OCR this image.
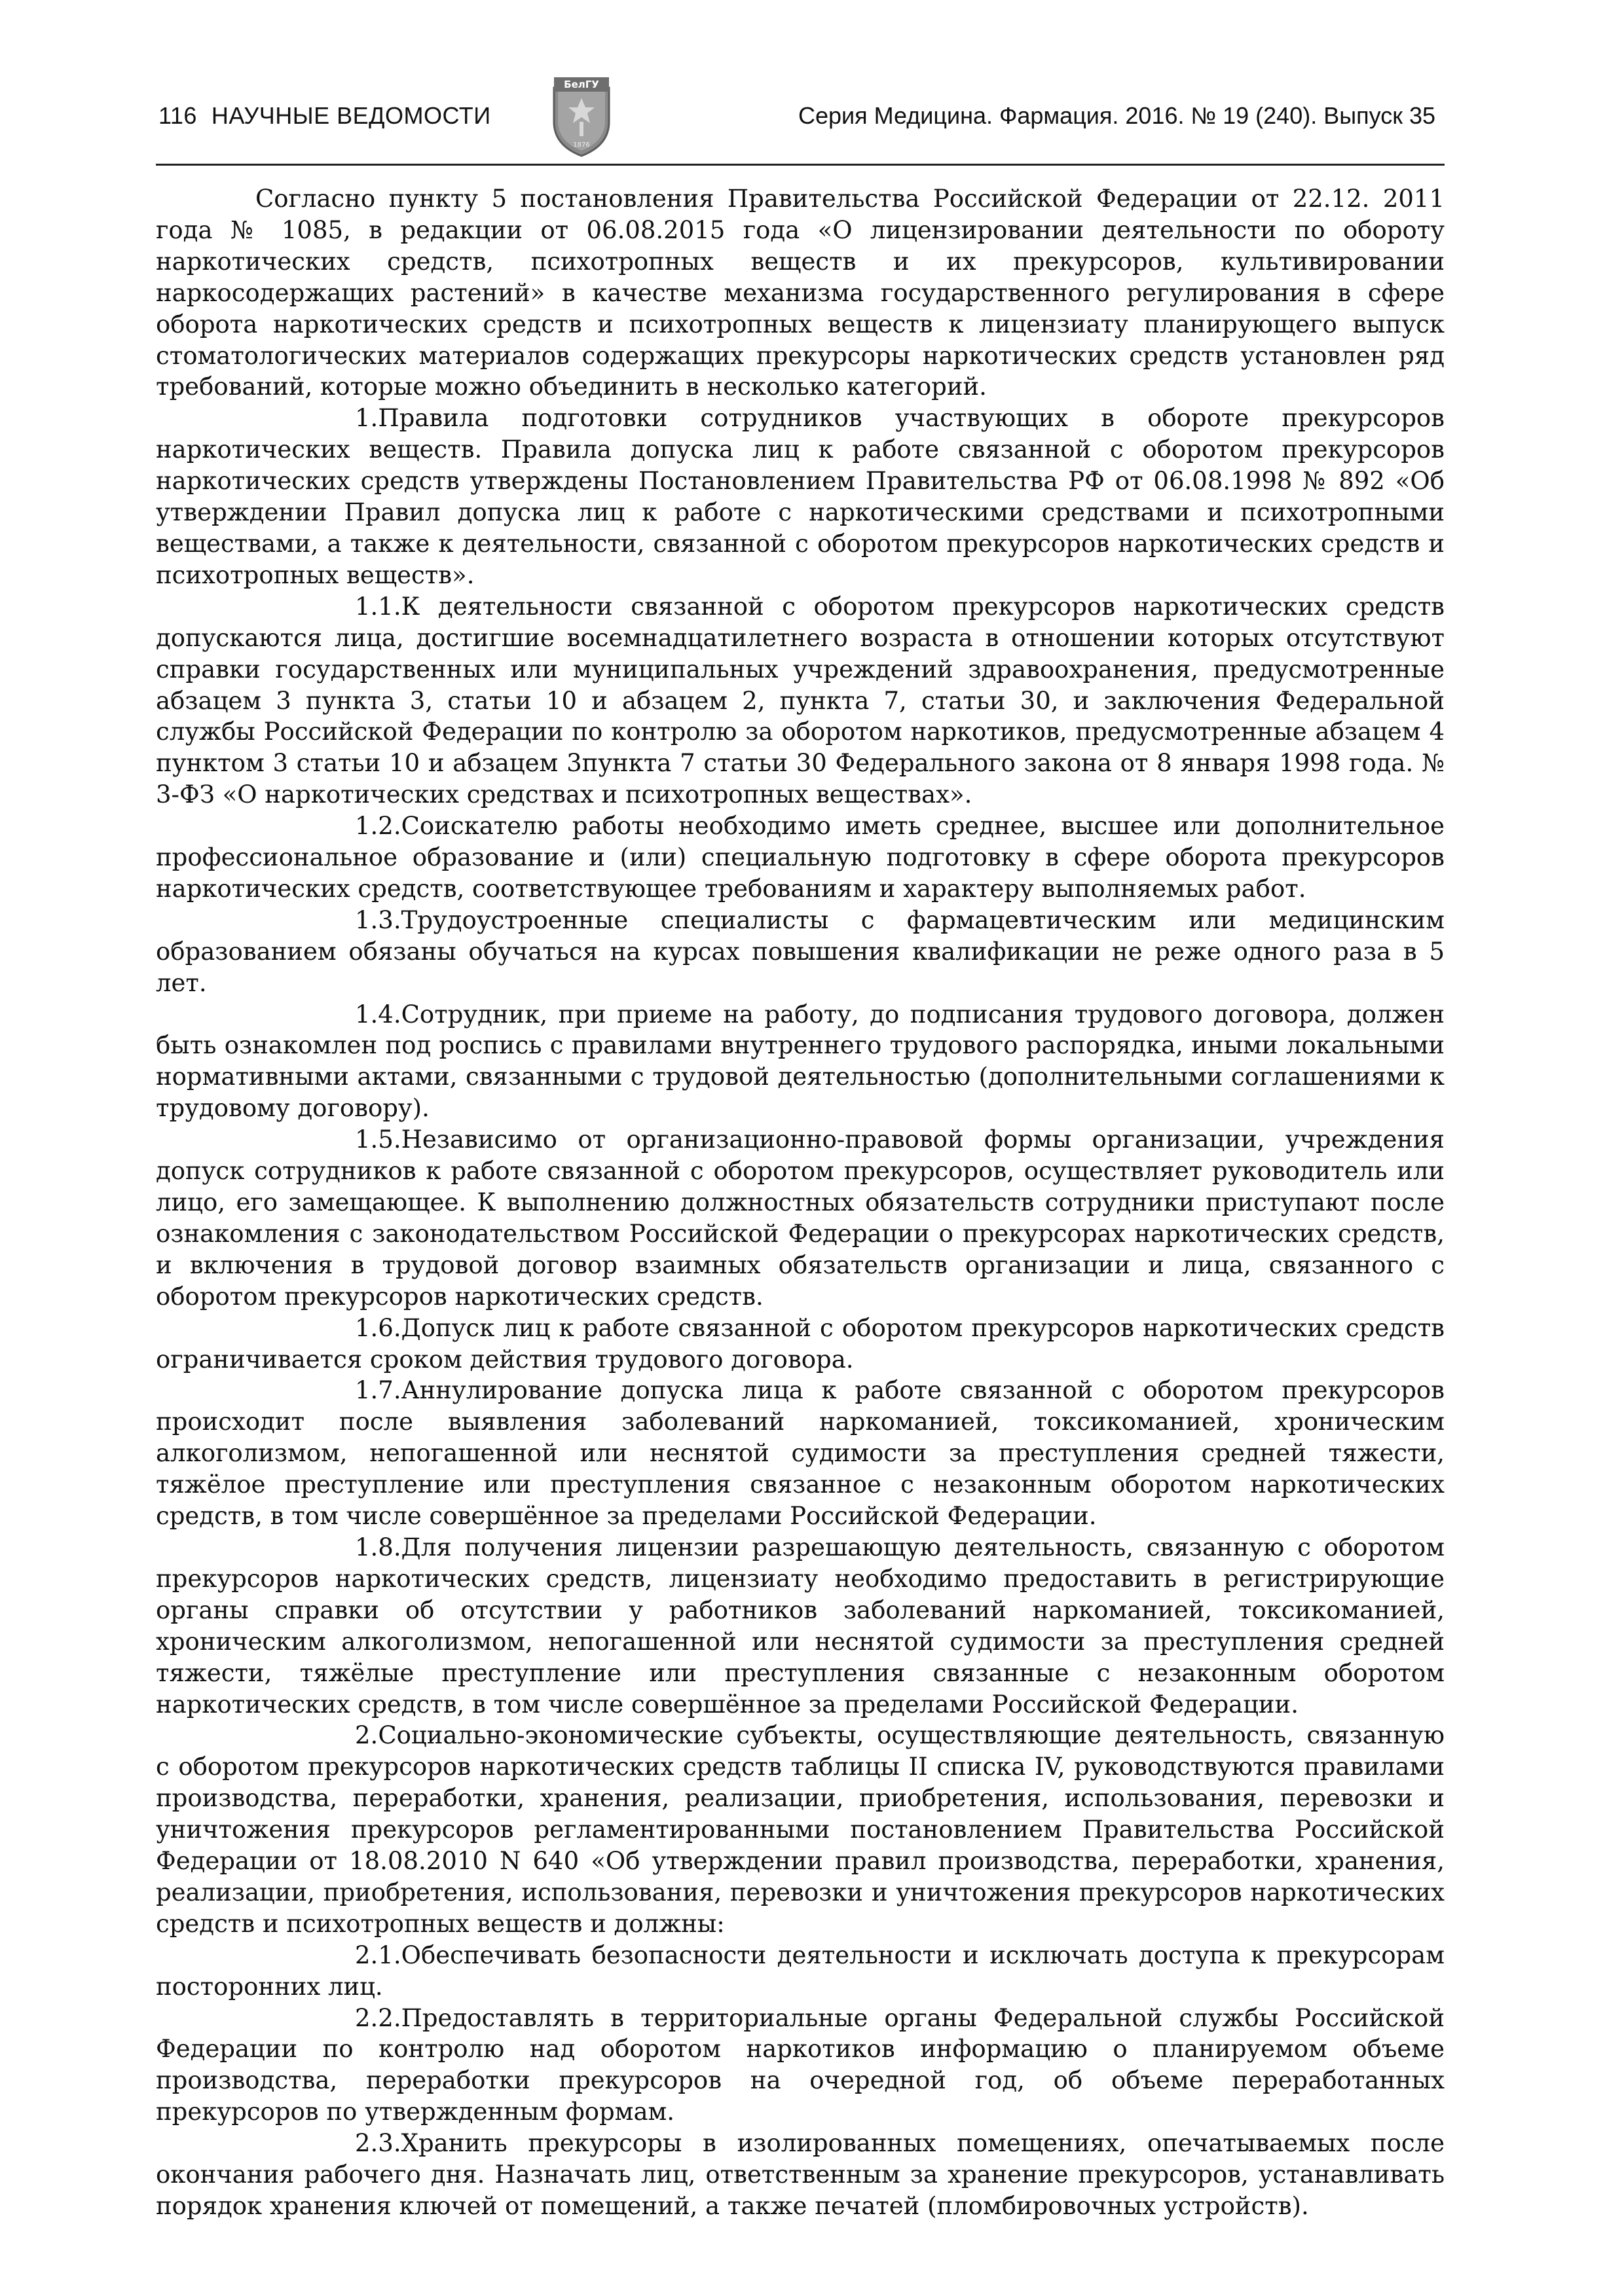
116 НАУЧНЫЕ ВЕДОМОСТИ
БелГУ
1876
Серия Медицина. Фармация. 2016. № 19 (240). Выпуск 35

Согласно пункту 5 постановления Правительства Российской Федерации от 22.12. 2011 года № 1085, в редакции от 06.08.2015 года «О лицензировании деятельности по обороту наркотических средств, психотропных веществ и их прекурсоров, культивировании наркосодержащих растений» в качестве механизма государственного регулирования в сфере оборота наркотических средств и психотропных веществ к лицензиату планирующего выпуск стоматологических материалов содержащих прекурсоры наркотических средств установлен ряд требований, которые можно объединить в несколько категорий.

1.Правила подготовки сотрудников участвующих в обороте прекурсоров наркотических веществ. Правила допуска лиц к работе связанной с оборотом прекурсоров наркотических средств утверждены Постановлением Правительства РФ от 06.08.1998 № 892 «Об утверждении Правил допуска лиц к работе с наркотическими средствами и психотропными веществами, а также к деятельности, связанной с оборотом прекурсоров наркотических средств и психотропных веществ».

1.1.К деятельности связанной с оборотом прекурсоров наркотических средств допускаются лица, достигшие восемнадцатилетнего возраста в отношении которых отсутствуют справки государственных или муниципальных учреждений здравоохранения, предусмотренные абзацем 3 пункта 3, статьи 10 и абзацем 2, пункта 7, статьи 30, и заключения Федеральной службы Российской Федерации по контролю за оборотом наркотиков, предусмотренные абзацем 4 пунктом 3 статьи 10 и абзацем 3пункта 7 статьи 30 Федерального закона от 8 января 1998 года. № 3-ФЗ «О наркотических средствах и психотропных веществах».

1.2.Соискателю работы необходимо иметь среднее, высшее или дополнительное профессиональное образование и (или) специальную подготовку в сфере оборота прекурсоров наркотических средств, соответствующее требованиям и характеру выполняемых работ.

1.3.Трудоустроенные специалисты с фармацевтическим или медицинским образованием обязаны обучаться на курсах повышения квалификации не реже одного раза в 5 лет.

1.4.Сотрудник, при приеме на работу, до подписания трудового договора, должен быть ознакомлен под роспись с правилами внутреннего трудового распорядка, иными локальными нормативными актами, связанными с трудовой деятельностью (дополнительными соглашениями к трудовому договору).

1.5.Независимо от организационно-правовой формы организации, учреждения допуск сотрудников к работе связанной с оборотом прекурсоров, осуществляет руководитель или лицо, его замещающее. К выполнению должностных обязательств сотрудники приступают после ознакомления с законодательством Российской Федерации о прекурсорах наркотических средств, и включения в трудовой договор взаимных обязательств организации и лица, связанного с оборотом прекурсоров наркотических средств.

1.6.Допуск лиц к работе связанной с оборотом прекурсоров наркотических средств ограничивается сроком действия трудового договора.

1.7.Аннулирование допуска лица к работе связанной с оборотом прекурсоров происходит после выявления заболеваний наркоманией, токсикоманией, хроническим алкоголизмом, непогашенной или неснятой судимости за преступления средней тяжести, тяжёлое преступление или преступления связанное с незаконным оборотом наркотических средств, в том числе совершённое за пределами Российской Федерации.

1.8.Для получения лицензии разрешающую деятельность, связанную с оборотом прекурсоров наркотических средств, лицензиату необходимо предоставить в регистрирующие органы справки об отсутствии у работников заболеваний наркоманией, токсикоманией, хроническим алкоголизмом, непогашенной или неснятой судимости за преступления средней тяжести, тяжёлые преступление или преступления связанные с незаконным оборотом наркотических средств, в том числе совершённое за пределами Российской Федерации.

2.Социально-экономические субъекты, осуществляющие деятельность, связанную с оборотом прекурсоров наркотических средств таблицы II списка IV, руководствуются правилами производства, переработки, хранения, реализации, приобретения, использования, перевозки и уничтожения прекурсоров регламентированными постановлением Правительства Российской Федерации от 18.08.2010 N 640 «Об утверждении правил производства, переработки, хранения, реализации, приобретения, использования, перевозки и уничтожения прекурсоров наркотических средств и психотропных веществ и должны:

2.1.Обеспечивать безопасности деятельности и исключать доступа к прекурсорам посторонних лиц.

2.2.Предоставлять в территориальные органы Федеральной службы Российской Федерации по контролю над оборотом наркотиков информацию о планируемом объеме производства, переработки прекурсоров на очередной год, об объеме переработанных прекурсоров по утвержденным формам.

2.3.Хранить прекурсоры в изолированных помещениях, опечатываемых после окончания рабочего дня. Назначать лиц, ответственным за хранение прекурсоров, устанавливать порядок хранения ключей от помещений, а также печатей (пломбировочных устройств).
